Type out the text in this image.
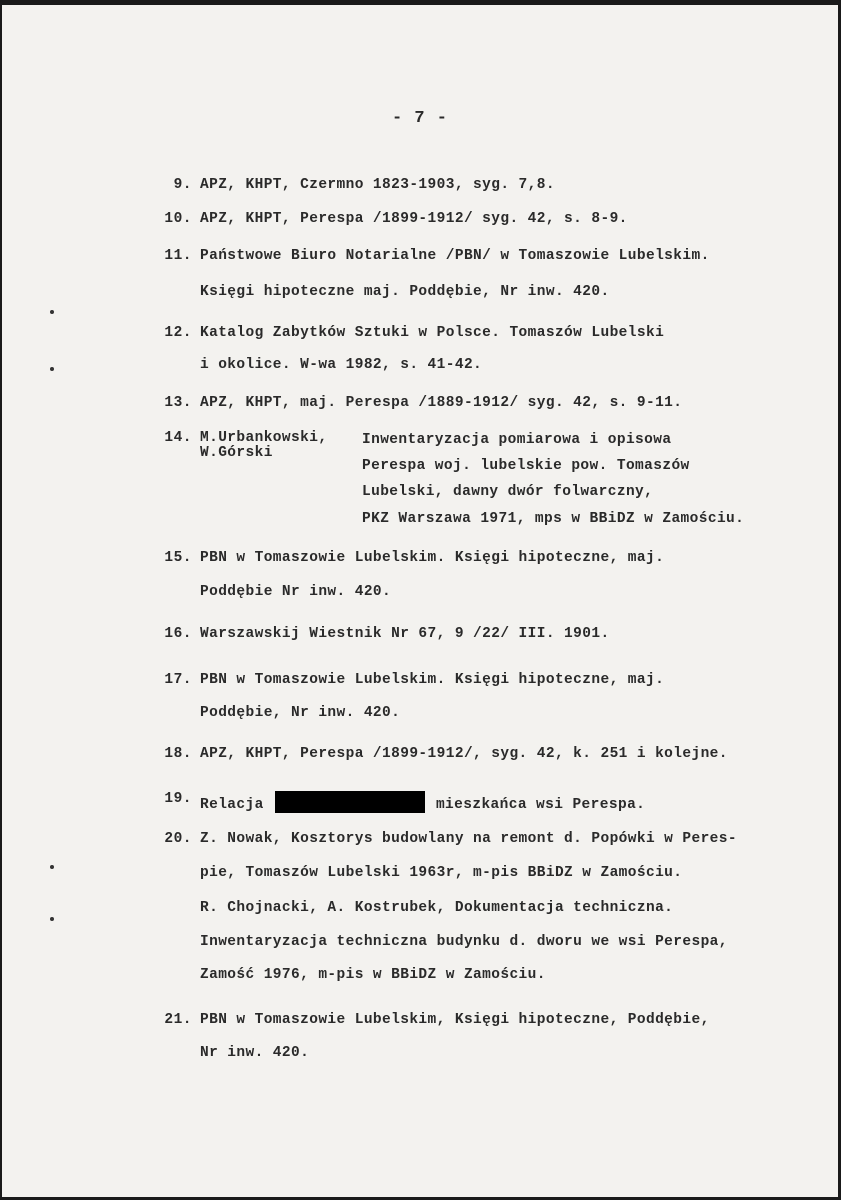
- 7 -
9. APZ, KHPT, Czermno 1823-1903, syg. 7,8.
10. APZ, KHPT, Perespa /1899-1912/ syg. 42, s. 8-9.
11. Państwowe Biuro Notarialne /PBN/ w Tomaszowie Lubelskim.
Księgi hipoteczne maj. Poddębie, Nr inw. 420.
12. Katalog Zabytków Sztuki w Polsce. Tomaszów Lubelski
i okolice. W-wa 1982, s. 41-42.
13. APZ, KHPT, maj. Perespa /1889-1912/ syg. 42, s. 9-11.
14. M.Urbankowski,
W.Górski
Inwentaryzacja pomiarowa i opisowa
Perespa woj. lubelskie pow. Tomaszów
Lubelski, dawny dwór folwarczny,
PKZ Warszawa 1971, mps w BBiDZ w Zamościu.
15. PBN w Tomaszowie Lubelskim. Księgi hipoteczne, maj.
Poddębie Nr inw. 420.
16. Warszawskij Wiestnik Nr 67, 9 /22/ III. 1901.
17. PBN w Tomaszowie Lubelskim. Księgi hipoteczne, maj.
Poddębie, Nr inw. 420.
18. APZ, KHPT, Perespa /1899-1912/, syg. 42, k. 251 i kolejne.
19. Relacja	mieszkańca wsi Perespa.
20. Z. Nowak, Kosztorys budowlany na remont d. Popówki w Peres-
pie, Tomaszów Lubelski 1963r, m-pis BBiDZ w Zamościu.
R. Chojnacki, A. Kostrubek, Dokumentacja techniczna.
Inwentaryzacja techniczna budynku d. dworu we wsi Perespa,
Zamość 1976, m-pis w BBiDZ w Zamościu.
21. PBN w Tomaszowie Lubelskim, Księgi hipoteczne, Poddębie,
Nr inw. 420.
